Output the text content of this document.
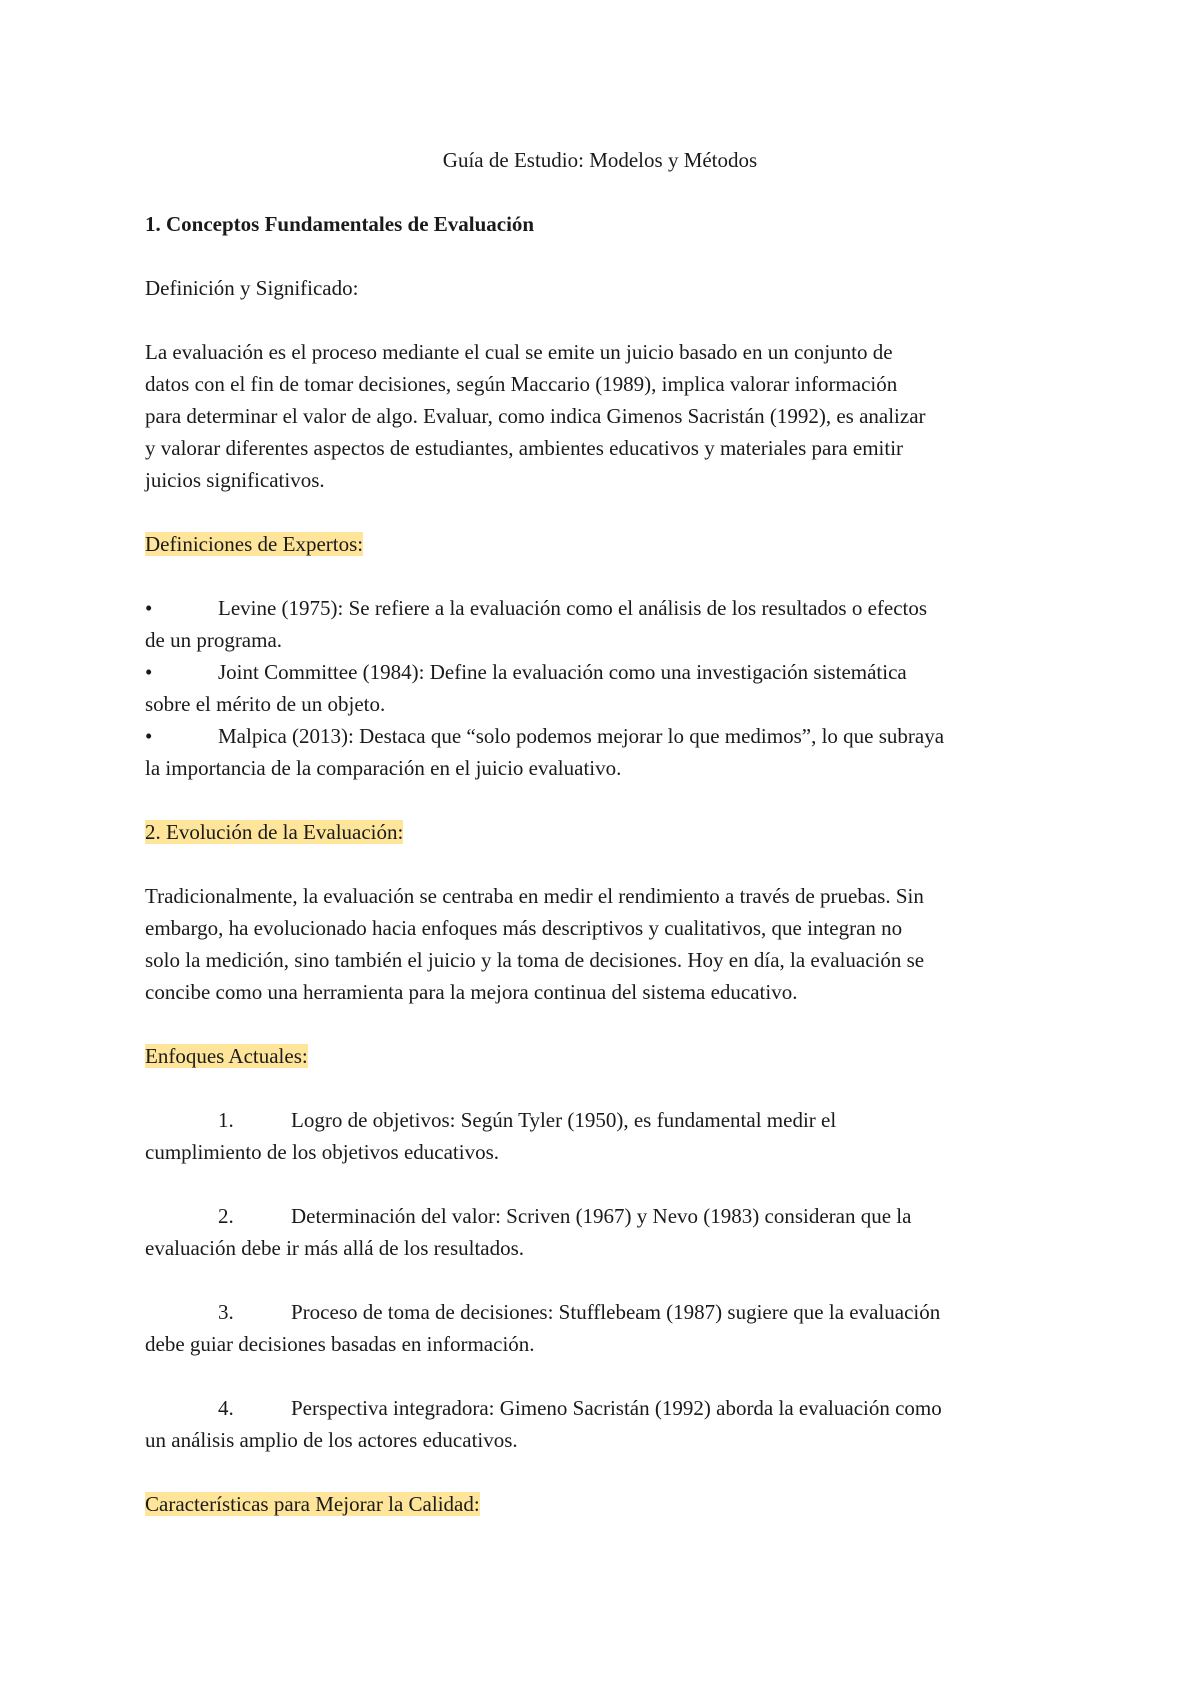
Guía de Estudio: Modelos y Métodos
1. Conceptos Fundamentales de Evaluación
Definición y Significado:
La evaluación es el proceso mediante el cual se emite un juicio basado en un conjunto de
datos con el fin de tomar decisiones, según Maccario (1989), implica valorar información
para determinar el valor de algo. Evaluar, como indica Gimenos Sacristán (1992), es analizar
y valorar diferentes aspectos de estudiantes, ambientes educativos y materiales para emitir
juicios significativos.
Definiciones de Expertos:
•	Levine (1975): Se refiere a la evaluación como el análisis de los resultados o efectos
de un programa.
•	Joint Committee (1984): Define la evaluación como una investigación sistemática
sobre el mérito de un objeto.
•	Malpica (2013): Destaca que “solo podemos mejorar lo que medimos”, lo que subraya
la importancia de la comparación en el juicio evaluativo.
2. Evolución de la Evaluación:
Tradicionalmente, la evaluación se centraba en medir el rendimiento a través de pruebas. Sin
embargo, ha evolucionado hacia enfoques más descriptivos y cualitativos, que integran no
solo la medición, sino también el juicio y la toma de decisiones. Hoy en día, la evaluación se
concibe como una herramienta para la mejora continua del sistema educativo.
Enfoques Actuales:
1.	Logro de objetivos: Según Tyler (1950), es fundamental medir el
cumplimiento de los objetivos educativos.
2.	Determinación del valor: Scriven (1967) y Nevo (1983) consideran que la
evaluación debe ir más allá de los resultados.
3.	Proceso de toma de decisiones: Stufflebeam (1987) sugiere que la evaluación
debe guiar decisiones basadas en información.
4.	Perspectiva integradora: Gimeno Sacristán (1992) aborda la evaluación como
un análisis amplio de los actores educativos.
Características para Mejorar la Calidad:
